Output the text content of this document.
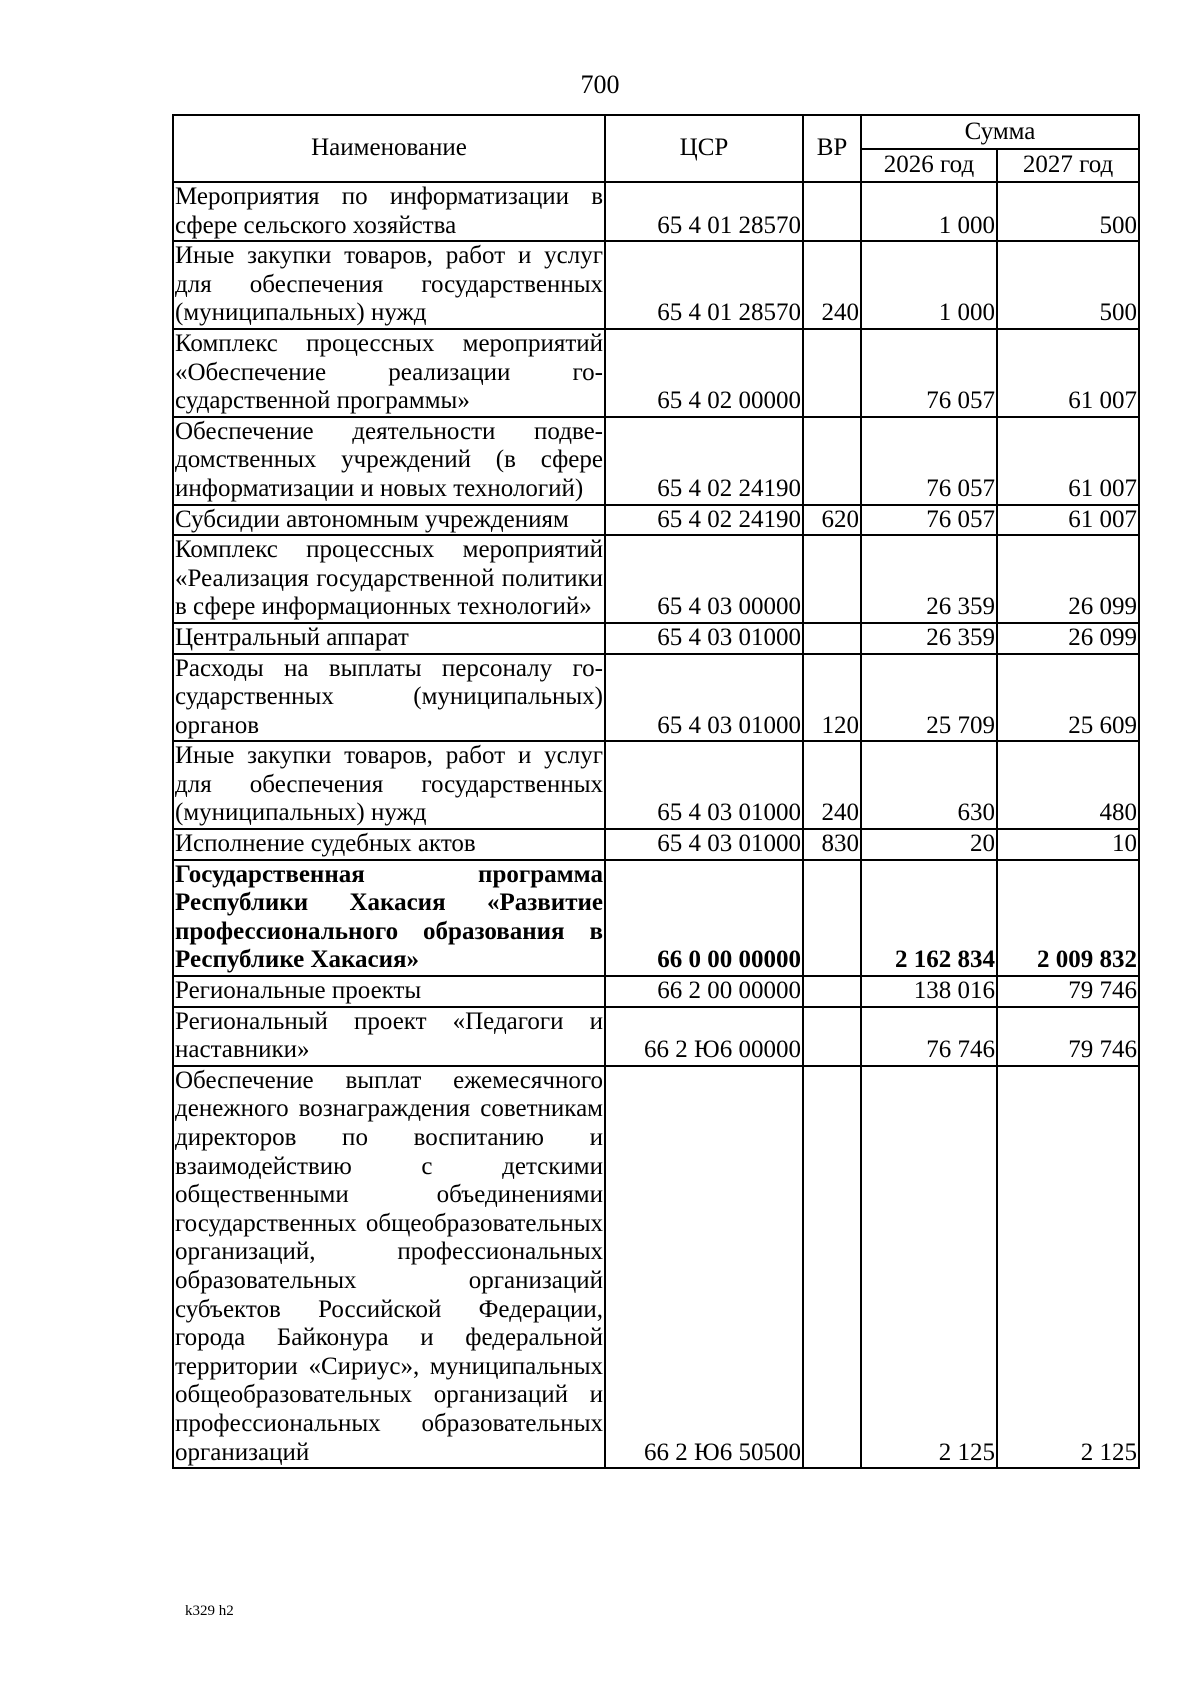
700
Наименование	ЦСР	ВР	Сумма	
			2026 год	2027 год
Мероприятия по информатизации в сфере сельского хозяйства	65 4 01 28570		1 000	500
Иные закупки товаров, работ и услуг для обеспечения государственных (муниципальных) нужд	65 4 01 28570	240	1 000	500
Комплекс процессных мероприятий «Обеспечение реализации государственной программы»	65 4 02 00000		76 057	61 007
Обеспечение деятельности подведомственных учреждений (в сфере информатизации и новых технологий)	65 4 02 24190		76 057	61 007
Субсидии автономным учреждениям	65 4 02 24190	620	76 057	61 007
Комплекс процессных мероприятий «Реализация государственной политики в сфере информационных технологий»	65 4 03 00000		26 359	26 099
Центральный аппарат	65 4 03 01000		26 359	26 099
Расходы на выплаты персоналу государственных (муниципальных) органов	65 4 03 01000	120	25 709	25 609
Иные закупки товаров, работ и услуг для обеспечения государственных (муниципальных) нужд	65 4 03 01000	240	630	480
Исполнение судебных актов	65 4 03 01000	830	20	10
Государственная программа Республики Хакасия «Развитие профессионального образования в Республике Хакасия»	66 0 00 00000		2 162 834	2 009 832
Региональные проекты	66 2 00 00000		138 016	79 746
Региональный проект «Педагоги и наставники»	66 2 Ю6 00000		76 746	79 746
Обеспечение выплат ежемесячного денежного вознаграждения советникам директоров по воспитанию и взаимодействию с детскими общественными объединениями государственных общеобразовательных организаций, профессиональных образовательных организаций субъектов Российской Федерации, города Байконура и федеральной территории «Сириус», муниципальных общеобразовательных организаций и профессиональных образовательных организаций	66 2 Ю6 50500		2 125	2 125
k329 h2
